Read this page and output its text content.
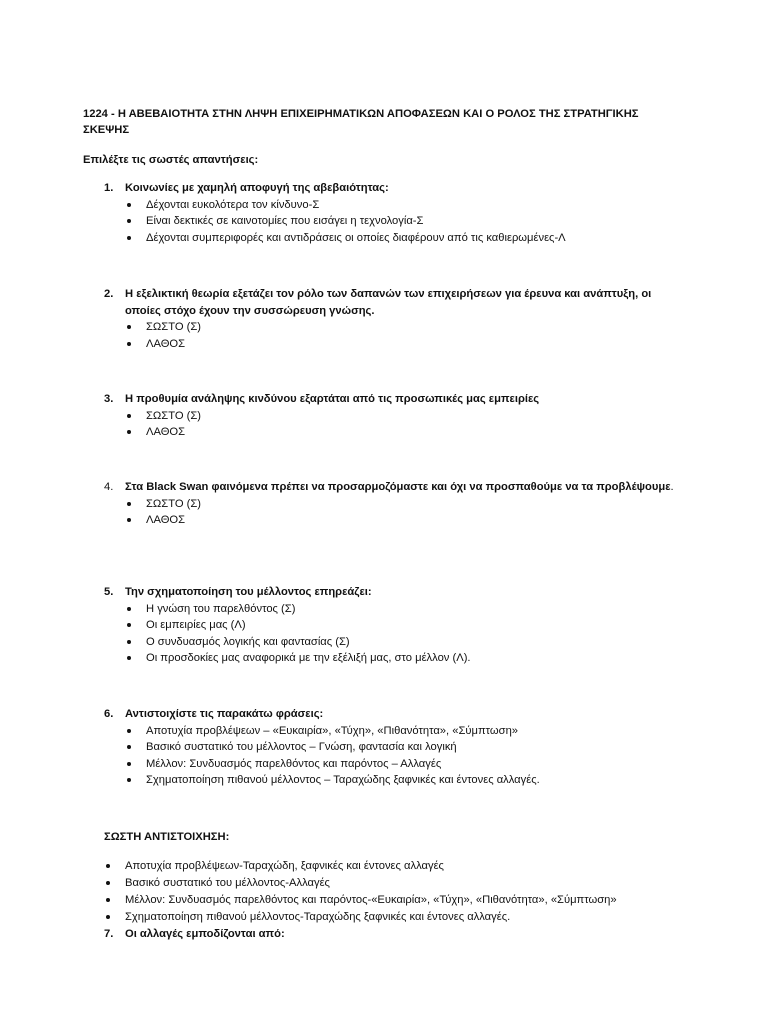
1224 - Η ΑΒΕΒΑΙΟΤΗΤΑ ΣΤΗΝ ΛΗΨΗ ΕΠΙΧΕΙΡΗΜΑΤΙΚΩΝ ΑΠΟΦΑΣΕΩΝ ΚΑΙ Ο ΡΟΛΟΣ ΤΗΣ ΣΤΡΑΤΗΓΙΚΗΣ ΣΚΕΨΗΣ
Επιλέξτε τις σωστές απαντήσεις:
1. Κοινωνίες με χαμηλή αποφυγή της αβεβαιότητας:
Δέχονται ευκολότερα τον κίνδυνο-Σ
Είναι δεκτικές σε καινοτομίες που εισάγει η τεχνολογία-Σ
Δέχονται συμπεριφορές και αντιδράσεις οι οποίες διαφέρουν από τις καθιερωμένες-Λ
2. Η εξελικτική θεωρία εξετάζει τον ρόλο των δαπανών των επιχειρήσεων για έρευνα και ανάπτυξη, οι οποίες στόχο έχουν την συσσώρευση γνώσης.
ΣΩΣΤΟ (Σ)
ΛΑΘΟΣ
3. Η προθυμία ανάληψης κινδύνου εξαρτάται από τις προσωπικές μας εμπειρίες
ΣΩΣΤΟ (Σ)
ΛΑΘΟΣ
4. Στα Black Swan φαινόμενα πρέπει να προσαρμοζόμαστε και όχι να προσπαθούμε να τα προβλέψουμε.
ΣΩΣΤΟ (Σ)
ΛΑΘΟΣ
5. Την σχηματοποίηση του μέλλοντος επηρεάζει:
Η γνώση του παρελθόντος (Σ)
Οι εμπειρίες μας (Λ)
Ο συνδυασμός λογικής και φαντασίας (Σ)
Οι προσδοκίες μας αναφορικά με την εξέλιξή μας, στο μέλλον (Λ).
6. Αντιστοιχίστε τις παρακάτω φράσεις:
Αποτυχία προβλέψεων – «Ευκαιρία», «Τύχη», «Πιθανότητα», «Σύμπτωση»
Βασικό συστατικό του μέλλοντος – Γνώση, φαντασία και λογική
Μέλλον: Συνδυασμός παρελθόντος και παρόντος – Αλλαγές
Σχηματοποίηση πιθανού μέλλοντος – Ταραχώδης ξαφνικές και έντονες αλλαγές.
ΣΩΣΤΗ ΑΝΤΙΣΤΟΙΧΗΣΗ:
Αποτυχία προβλέψεων-Ταραχώδη, ξαφνικές και έντονες αλλαγές
Βασικό συστατικό του μέλλοντος-Αλλαγές
Μέλλον: Συνδυασμός παρελθόντος και παρόντος-«Ευκαιρία», «Τύχη», «Πιθανότητα», «Σύμπτωση»
Σχηματοποίηση πιθανού μέλλοντος-Ταραχώδης ξαφνικές και έντονες αλλαγές.
7. Οι αλλαγές εμποδίζονται από:
